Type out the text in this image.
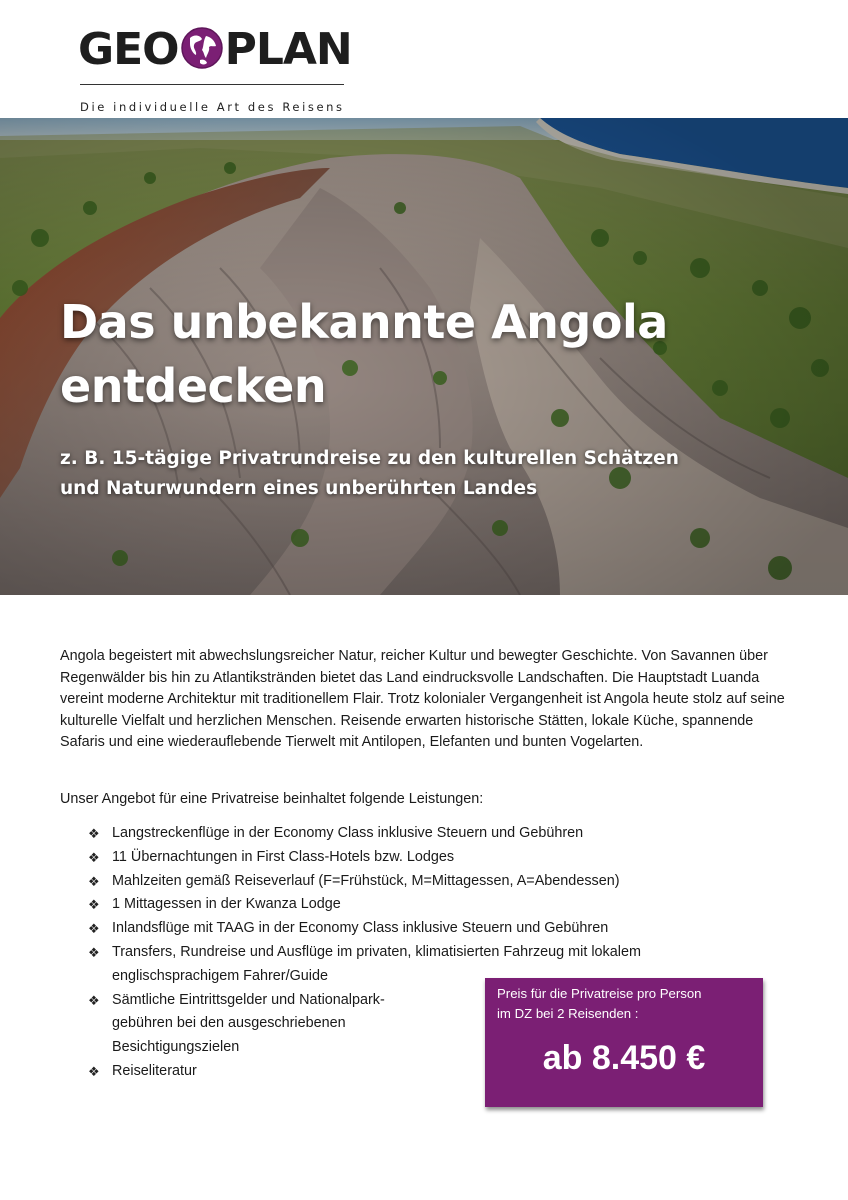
GEO PLAN
Die individuelle Art des Reisens
Das unbekannte Angola
entdecken

z. B. 15-tägige Privatrundreise zu den kulturellen Schätzen
und Naturwundern eines unberührten Landes

Angola begeistert mit abwechslungsreicher Natur, reicher Kultur und bewegter Geschichte. Von Savannen über Regenwälder bis hin zu Atlantikstränden bietet das Land eindrucksvolle Landschaften. Die Hauptstadt Luanda vereint moderne Architektur mit traditionellem Flair. Trotz kolonialer Vergangenheit ist Angola heute stolz auf seine kulturelle Vielfalt und herzlichen Menschen. Reisende erwarten historische Stätten, lokale Küche, spannende Safaris und eine wiederauflebende Tierwelt mit Antilopen, Elefanten und bunten Vogelarten.

Unser Angebot für eine Privatreise beinhaltet folgende Leistungen:

❖ Langstreckenflüge in der Economy Class inklusive Steuern und Gebühren
❖ 11 Übernachtungen in First Class-Hotels bzw. Lodges
❖ Mahlzeiten gemäß Reiseverlauf (F=Frühstück, M=Mittagessen, A=Abendessen)
❖ 1 Mittagessen in der Kwanza Lodge
❖ Inlandsflüge mit TAAG in der Economy Class inklusive Steuern und Gebühren
❖ Transfers, Rundreise und Ausflüge im privaten, klimatisierten Fahrzeug mit lokalem englischsprachigem Fahrer/Guide
❖ Sämtliche Eintrittsgelder und Nationalpark-gebühren bei den ausgeschriebenen Besichtigungszielen
❖ Reiseliteratur

Preis für die Privatreise pro Person
im DZ bei 2 Reisenden :

ab 8.450 €
